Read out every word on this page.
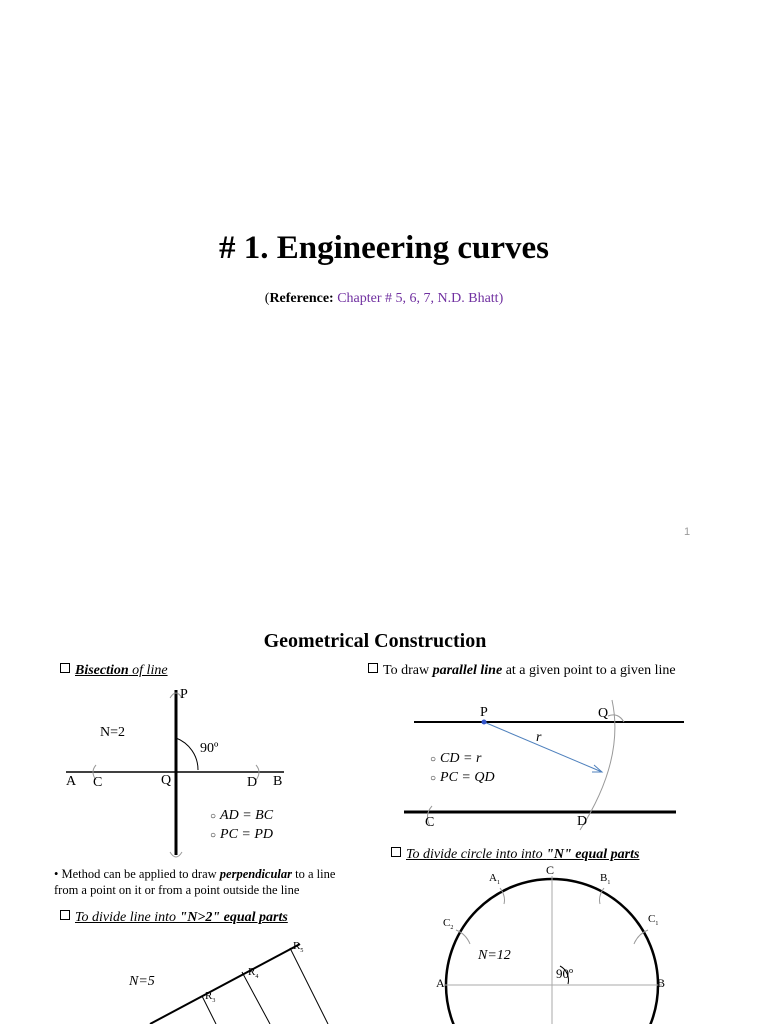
# 1. Engineering curves
(Reference: Chapter # 5, 6, 7, N.D. Bhatt)
1
Geometrical Construction
Bisection of line
P
N=2
90º
A C	Q	D B
○ AD = BC
○ PC = PD
• Method can be applied to draw perpendicular to a line
from a point on it or from a point outside the line
To divide line into "N>2" equal parts
N=5
$R_5$
$R_4$
$R_3$
To draw parallel line at a given point to a given line
P	Q
r
○ CD = r
○ PC = QD
C	D
To divide circle into into "N" equal parts
C
$A_1$	$B_1$
$C_2$
$C_1$
N=12
90º
A	B
